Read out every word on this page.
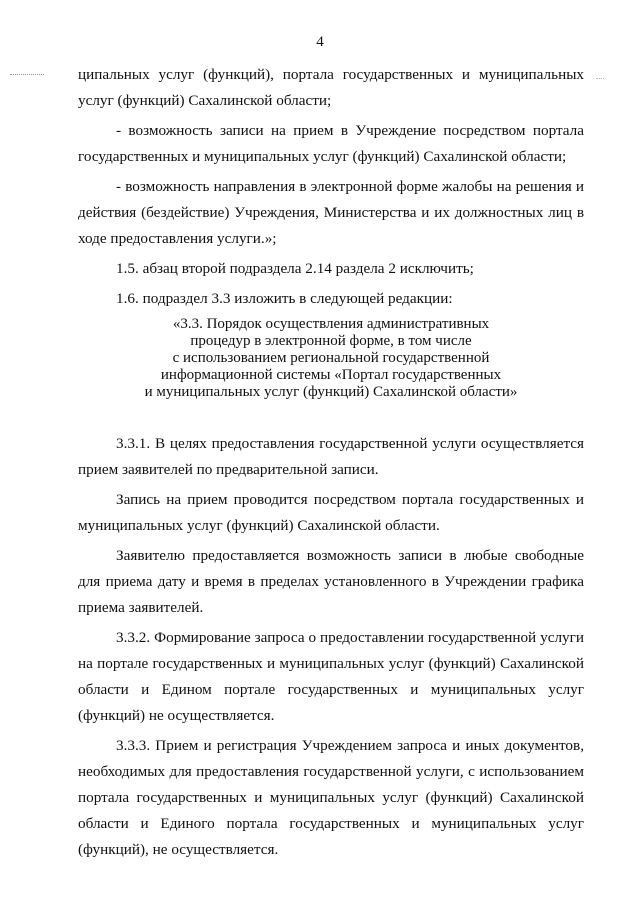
4

ципальных услуг (функций), портала государственных и муниципальных услуг (функций) Сахалинской области;

- возможность записи на прием в Учреждение посредством портала государственных и муниципальных услуг (функций) Сахалинской области;

- возможность направления в электронной форме жалобы на решения и действия (бездействие) Учреждения, Министерства и их должностных лиц в ходе предоставления услуги.»;

1.5. абзац второй подраздела 2.14 раздела 2 исключить;

1.6. подраздел 3.3 изложить в следующей редакции:

«3.3. Порядок осуществления административных
процедур в электронной форме, в том числе
с использованием региональной государственной
информационной системы «Портал государственных
и муниципальных услуг (функций) Сахалинской области»

3.3.1. В целях предоставления государственной услуги осуществляется прием заявителей по предварительной записи.

Запись на прием проводится посредством портала государственных и муниципальных услуг (функций) Сахалинской области.

Заявителю предоставляется возможность записи в любые свободные для приема дату и время в пределах установленного в Учреждении графика приема заявителей.

3.3.2. Формирование запроса о предоставлении государственной услуги на портале государственных и муниципальных услуг (функций) Сахалинской области и Едином портале государственных и муниципальных услуг (функций) не осуществляется.

3.3.3. Прием и регистрация Учреждением запроса и иных документов, необходимых для предоставления государственной услуги, с использованием портала государственных и муниципальных услуг (функций) Сахалинской области и Единого портала государственных и муниципальных услуг (функций), не осуществляется.
